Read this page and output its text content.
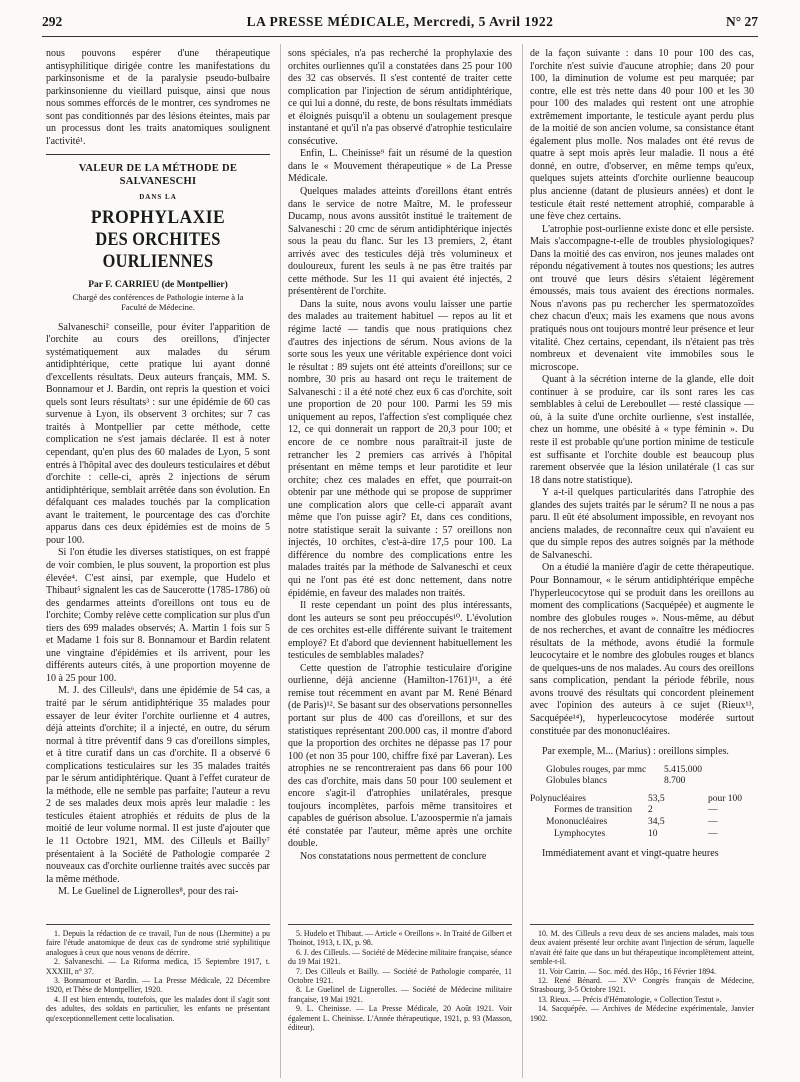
292	LA PRESSE MÉDICALE, Mercredi, 5 Avril 1922	N° 27

nous pouvons espérer d'une thérapeutique antisyphilitique dirigée contre les manifestations du parkinsonisme et de la paralysie pseudo-bulbaire parkinsonienne du vieillard puisque, ainsi que nous nous sommes efforcés de le montrer, ces syndromes ne sont pas conditionnés par des lésions éteintes, mais par un processus dont les traits anatomiques soulignent l'activité¹.

VALEUR DE LA MÉTHODE DE SALVANESCHI
DANS LA
PROPHYLAXIE
DES ORCHITES OURLIENNES
Par F. CARRIEU (de Montpellier)
Chargé des conférences de Pathologie interne à la Faculté de Médecine.

Salvaneschi² conseille, pour éviter l'apparition de l'orchite au cours des oreillons, d'injecter systématiquement aux malades du sérum antidiphtérique, cette pratique lui ayant donné d'excellents résultats. Deux auteurs français, MM. S. Bonnamour et J. Bardin, ont repris la question et voici quels sont leurs résultats³ : sur une épidémie de 60 cas survenue à Lyon, ils observent 3 orchites; sur 7 cas traités à Montpellier par cette méthode, cette complication ne s'est jamais déclarée. Il est à noter cependant, qu'en plus des 60 malades de Lyon, 5 sont entrés à l'hôpital avec des douleurs testiculaires et début d'orchite : celle-ci, après 2 injections de sérum antidiphtérique, semblait arrêtée dans son évolution. En défalquant ces malades touchés par la complication avant le traitement, le pourcentage des cas d'orchite apparus dans ces deux épidémies est de moins de 5 pour 100.

Si l'on étudie les diverses statistiques, on est frappé de voir combien, le plus souvent, la proportion est plus élevée⁴. C'est ainsi, par exemple, que Hudelo et Thibaut⁵ signalent les cas de Saucerotte (1785-1786) où des gendarmes atteints d'oreillons ont tous eu de l'orchite; Comby relève cette complication sur plus d'un tiers des 699 malades observés; A. Martin 1 fois sur 5 et Madame 1 fois sur 8. Bonnamour et Bardin relatent une vingtaine d'épidémies et ils arrivent, pour les différents auteurs cités, à une proportion moyenne de 10 à 25 pour 100.

M. J. des Cilleuls⁶, dans une épidémie de 54 cas, a traité par le sérum antidiphtérique 35 malades pour essayer de leur éviter l'orchite ourlienne et 4 autres, déjà atteints d'orchite; il a injecté, en outre, du sérum normal à titre préventif dans 9 cas d'oreillons simples, et à titre curatif dans un cas d'orchite. Il a observé 6 complications testiculaires sur les 35 malades traités par le sérum antidiphtérique. Quant à l'effet curateur de la méthode, elle ne semble pas parfaite; l'auteur a revu 2 de ses malades deux mois après leur maladie : les testicules étaient atrophiés et réduits de plus de la moitié de leur volume normal. Il est juste d'ajouter que le 11 Octobre 1921, MM. des Cilleuls et Bailly⁷ présentaient à la Société de Pathologie comparée 2 nouveaux cas d'orchite ourlienne traités avec succès par la même méthode.

M. Le Guelinel de Lignerolles⁸, pour des rai-

sons spéciales, n'a pas recherché la prophylaxie des orchites ourliennes qu'il a constatées dans 25 pour 100 des 32 cas observés. Il s'est contenté de traiter cette complication par l'injection de sérum antidiphtérique, ce qui lui a donné, du reste, de bons résultats immédiats et éloignés puisqu'il a obtenu un soulagement presque instantané et qu'il n'a pas observé d'atrophie testiculaire consécutive.

Enfin, L. Cheinisse⁹ fait un résumé de la question dans le « Mouvement thérapeutique » de La Presse Médicale.

Quelques malades atteints d'oreillons étant entrés dans le service de notre Maître, M. le professeur Ducamp, nous avons aussitôt institué le traitement de Salvaneschi : 20 cmc de sérum antidiphtérique injectés sous la peau du flanc. Sur les 13 premiers, 2, étant arrivés avec des testicules déjà très volumineux et douloureux, furent les seuls à ne pas être traités par cette méthode. Sur les 11 qui avaient été injectés, 2 présentèrent de l'orchite.

Dans la suite, nous avons voulu laisser une partie des malades au traitement habituel — repos au lit et régime lacté — tandis que nous pratiquions chez d'autres des injections de sérum. Nous avions de la sorte sous les yeux une véritable expérience dont voici le résultat : 89 sujets ont été atteints d'oreillons; sur ce nombre, 30 pris au hasard ont reçu le traitement de Salvaneschi : il a été noté chez eux 6 cas d'orchite, soit une proportion de 20 pour 100. Parmi les 59 mis uniquement au repos, l'affection s'est compliquée chez 12, ce qui donnerait un rapport de 20,3 pour 100; et encore de ce nombre nous paraîtrait-il juste de retrancher les 2 premiers cas arrivés à l'hôpital présentant en même temps et leur parotidite et leur orchite; chez ces malades en effet, que pourrait-on obtenir par une méthode qui se propose de supprimer une complication alors que celle-ci apparaît avant même que l'on puisse agir? Et, dans ces conditions, notre statistique serait la suivante : 57 oreillons non injectés, 10 orchites, c'est-à-dire 17,5 pour 100. La différence du nombre des complications entre les malades traités par la méthode de Salvaneschi et ceux qui ne l'ont pas été est donc nettement, dans notre épidémie, en faveur des malades non traités.

Il reste cependant un point des plus intéressants, dont les auteurs se sont peu préoccupés¹⁰. L'évolution de ces orchites est-elle différente suivant le traitement employé? Et d'abord que deviennent habituellement les testicules de semblables malades?

Cette question de l'atrophie testiculaire d'origine ourlienne, déjà ancienne (Hamilton-1761)¹¹, a été remise tout récemment en avant par M. René Bénard (de Paris)¹². Se basant sur des observations personnelles portant sur plus de 400 cas d'oreillons, et sur des statistiques représentant 200.000 cas, il montre d'abord que la proportion des orchites ne dépasse pas 17 pour 100 (et non 35 pour 100, chiffre fixé par Laveran). Les atrophies ne se rencontreraient pas dans 66 pour 100 des cas d'orchite, mais dans 50 pour 100 seulement et encore s'agit-il d'atrophies unilatérales, presque toujours incomplètes, parfois même transitoires et capables de guérison absolue. L'azoospermie n'a jamais été constatée par l'auteur, même après une orchite double.

Nos constatations nous permettent de conclure

de la façon suivante : dans 10 pour 100 des cas, l'orchite n'est suivie d'aucune atrophie; dans 20 pour 100, la diminution de volume est peu marquée; par contre, elle est très nette dans 40 pour 100 et les 30 pour 100 des malades qui restent ont une atrophie extrêmement importante, le testicule ayant perdu plus de la moitié de son ancien volume, sa consistance étant également plus molle. Nos malades ont été revus de quatre à sept mois après leur maladie. Il nous a été donné, en outre, d'observer, en même temps qu'eux, quelques sujets atteints d'orchite ourlienne beaucoup plus ancienne (datant de plusieurs années) et dont le testicule était resté nettement atrophié, comparable à une fève chez certains.

L'atrophie post-ourlienne existe donc et elle persiste. Mais s'accompagne-t-elle de troubles physiologiques? Dans la moitié des cas environ, nos jeunes malades ont répondu négativement à toutes nos questions; les autres ont trouvé que leurs désirs s'étaient légèrement émoussés, mais tous avaient des érections normales. Nous n'avons pas pu rechercher les spermatozoïdes chez chacun d'eux; mais les examens que nous avons pratiqués nous ont toujours montré leur présence et leur vitalité. Chez certains, cependant, ils n'étaient pas très nombreux et devenaient vite immobiles sous le microscope.

Quant à la sécrétion interne de la glande, elle doit continuer à se produire, car ils sont rares les cas semblables à celui de Lereboullet — resté classique — où, à la suite d'une orchite ourlienne, s'est installée, chez un homme, une obésité à « type féminin ». Du reste il est probable qu'une portion minime de testicule est suffisante et l'orchite double est beaucoup plus rarement observée que la lésion unilatérale (1 cas sur 18 dans notre statistique).

Y a-t-il quelques particularités dans l'atrophie des glandes des sujets traités par le sérum? Il ne nous a pas paru. Il eût été absolument impossible, en revoyant nos anciens malades, de reconnaître ceux qui n'avaient eu que du simple repos des autres soignés par la méthode de Salvaneschi.

On a étudié la manière d'agir de cette thérapeutique. Pour Bonnamour, « le sérum antidiphtérique empêche l'hyperleucocytose qui se produit dans les oreillons au moment des complications (Sacquépée) et augmente le nombre des globules rouges ». Nous-même, au début de nos recherches, et avant de connaître les médiocres résultats de la méthode, avons étudié la formule leucocytaire et le nombre des globules rouges et blancs de quelques-uns de nos malades. Au cours des oreillons sans complication, pendant la période fébrile, nous avons trouvé des résultats qui concordent pleinement avec l'opinion des auteurs à ce sujet (Rieux¹³, Sacquépée¹⁴), hyperleucocytose modérée surtout constituée par des mononucléaires.

Par exemple, M... (Marius) : oreillons simples.

Globules rouges, par mmc	5.415.000
Globules blancs	8.700
Polynucléaires	53,5	pour 100
Formes de transition	2	—
Mononucléaires	34,5	—
Lymphocytes	10	—

Immédiatement avant et vingt-quatre heures

1. Depuis la rédaction de ce travail, l'un de nous (Lhermitte) a pu faire l'étude anatomique de deux cas de syndrome strié syphilitique analogues à ceux que nous venons de décrire.
2. Salvaneschi. — La Riforma medica, 15 Septembre 1917, t. XXXIII, n° 37.
3. Bonnamour et Bardin. — La Presse Médicale, 22 Décembre 1920, et Thèse de Montpellier, 1920.
4. Il est bien entendu, toutefois, que les malades dont il s'agit sont des adultes, des soldats en particulier, les enfants ne présentant qu'exceptionnellement cette localisation.
5. Hudelo et Thibaut. — Article « Oreillons ». In Traité de Gilbert et Thoinot, 1913, t. IX, p. 98.
6. J. des Cilleuls. — Société de Médecine militaire française, séance du 19 Mai 1921.
7. Des Cilleuls et Bailly. — Société de Pathologie comparée, 11 Octobre 1921.
8. Le Guelinel de Lignerolles. — Société de Médecine militaire française, 19 Mai 1921.
9. L. Cheinisse. — La Presse Médicale, 20 Août 1921. Voir également L. Cheinisse. L'Année thérapeutique, 1921, p. 93 (Masson, éditeur).
10. M. des Cilleuls a revu deux de ses anciens malades, mais tous deux avaient présenté leur orchite avant l'injection de sérum, laquelle n'avait été faite que dans un but thérapeutique incomplètement atteint, semble-t-il.
11. Voir Catrin. — Soc. méd. des Hôp., 16 Février 1894.
12. René Bénard. — XVᵉ Congrès français de Médecine, Strasbourg, 3-5 Octobre 1921.
13. Rieux. — Précis d'Hématologie, « Collection Testut ».
14. Sacquépée. — Archives de Médecine expérimentale, Janvier 1902.
